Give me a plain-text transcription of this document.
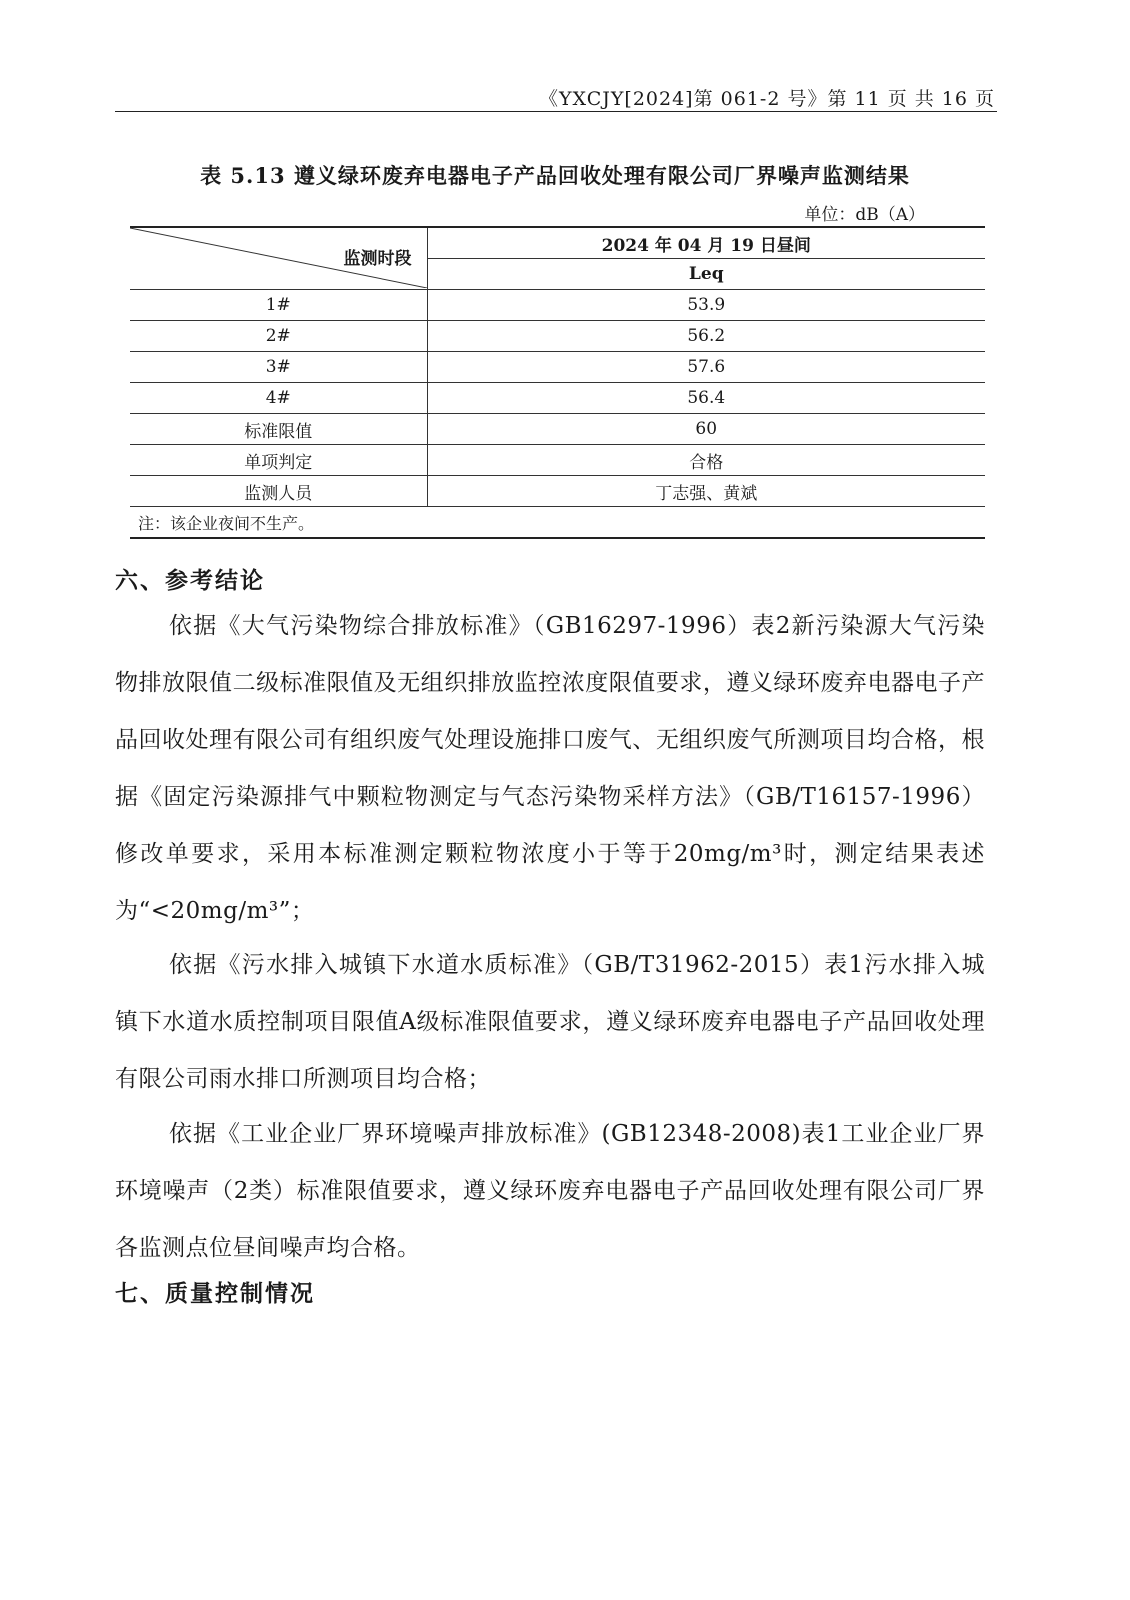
《YXCJY[2024]第 061-2 号》第 11 页 共 16 页
表 5.13 遵义绿环废弃电器电子产品回收处理有限公司厂界噪声监测结果
单位：dB（A）
监测时段	2024 年 04 月 19 日昼间
	Leq
1#	53.9
2#	56.2
3#	57.6
4#	56.4
标准限值	60
单项判定	合格
监测人员	丁志强、黄斌
注：该企业夜间不生产。	
六、参考结论

依据《大气污染物综合排放标准》（GB16297-1996）表2新污染源大气污染物排放限值二级标准限值及无组织排放监控浓度限值要求，遵义绿环废弃电器电子产品回收处理有限公司有组织废气处理设施排口废气、无组织废气所测项目均合格，根据《固定污染源排气中颗粒物测定与气态污染物采样方法》（GB/T16157-1996）修改单要求，采用本标准测定颗粒物浓度小于等于20mg/m³时，测定结果表述为“<20mg/m³”；

依据《污水排入城镇下水道水质标准》（GB/T31962-2015）表1污水排入城镇下水道水质控制项目限值A级标准限值要求，遵义绿环废弃电器电子产品回收处理有限公司雨水排口所测项目均合格；

依据《工业企业厂界环境噪声排放标准》(GB12348-2008)表1工业企业厂界环境噪声（2类）标准限值要求，遵义绿环废弃电器电子产品回收处理有限公司厂界各监测点位昼间噪声均合格。

七、质量控制情况
